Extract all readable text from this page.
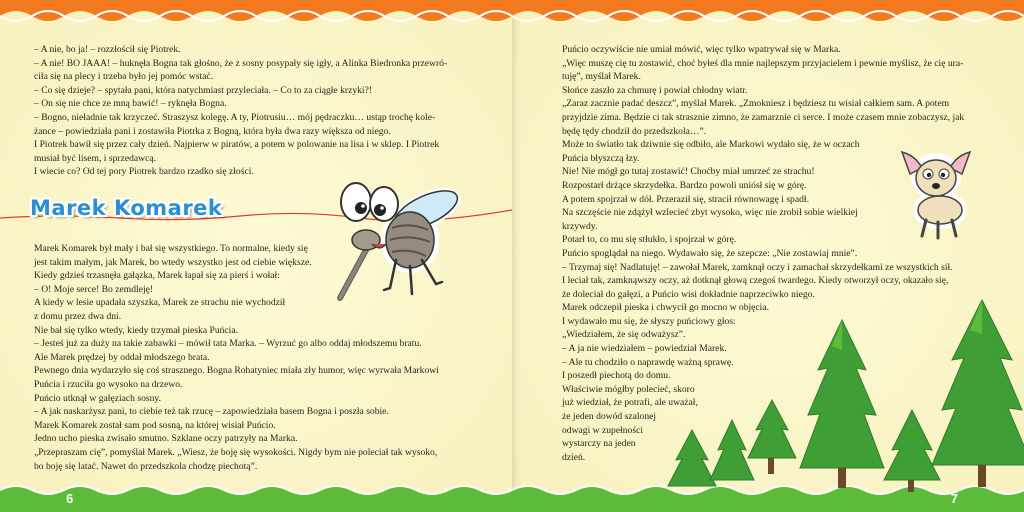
– A nie, bo ja! – rozzłościł się Piotrek.

– A nie! BO JAAA! – huknęła Bogna tak głośno, że z sosny posypały się igły, a Alinka Biedronka przewró-

ciła się na plecy i trzeba było jej pomóc wstać.

– Co się dzieje? – spytała pani, która natychmiast przyleciała. – Co to za ciągłe krzyki?!

– On się nie chce ze mną bawić! – ryknęła Bogna.

– Bogno, nieładnie tak krzyczeć. Straszysz kolegę. A ty, Piotrusiu… mój pędraczku… ustąp trochę kole-

żance – powiedziała pani i zostawiła Piotrka z Bogną, która była dwa razy większa od niego.

I Piotrek bawił się przez cały dzień. Najpierw w piratów, a potem w polowanie na lisa i w sklep. I Piotrek

musiał być lisem, i sprzedawcą.

I wiecie co? Od tej pory Piotrek bardzo rzadko się złości.

Marek Komarek

Marek Komarek był mały i bał się wszystkiego. To normalne, kiedy się

jest takim małym, jak Marek, bo wtedy wszystko jest od ciebie większe.

Kiedy gdzieś trzasnęła gałązka, Marek łapał się za pierś i wołał:

– O! Moje serce! Bo zemdleję!

A kiedy w lesie upadała szyszka, Marek ze strachu nie wychodził

z domu przez dwa dni.

Nie bał się tylko wtedy, kiedy trzymał pieska Puńcia.

– Jesteś już za duży na takie zabawki – mówił tata Marka. – Wyrzuć go albo oddaj młodszemu bratu.

Ale Marek prędzej by oddał młodszego brata.

Pewnego dnia wydarzyło się coś strasznego. Bogna Rohatyniec miała zły humor, więc wyrwała Markowi

Puńcia i rzuciła go wysoko na drzewo.

Puńcio utknął w gałęziach sosny.

– A jak naskarżysz pani, to ciebie też tak rzucę – zapowiedziała basem Bogna i poszła sobie.

Marek Komarek został sam pod sosną, na której wisiał Puńcio.

Jedno ucho pieska zwisało smutno. Szklane oczy patrzyły na Marka.

„Przepraszam cię”, pomyślał Marek. „Wiesz, że boję się wysokości. Nigdy bym nie poleciał tak wysoko,

bo boję się latać. Nawet do przedszkola chodzę piechotą”.

6

Puńcio oczywiście nie umiał mówić, więc tylko wpatrywał się w Marka.

„Więc muszę cię tu zostawić, choć byłeś dla mnie najlepszym przyjacielem i pewnie myślisz, że cię ura-

tuję”, myślał Marek.

Słońce zaszło za chmurę i powiał chłodny wiatr.

„Zaraz zacznie padać deszcz”, myślał Marek. „Zmokniesz i będziesz tu wisiał całkiem sam. A potem

przyjdzie zima. Będzie ci tak strasznie zimno, że zamarznie ci serce. I może czasem mnie zobaczysz, jak

będę tędy chodził do przedszkola…”.

Może to światło tak dziwnie się odbiło, ale Markowi wydało się, że w oczach

Puńcia błyszczą łzy.

Nie! Nie mógł go tutaj zostawić! Choćby miał umrzeć ze strachu!

Rozpostarł drżące skrzydełka. Bardzo powoli uniósł się w górę.

A potem spojrzał w dół. Przeraził się, stracił równowagę i spadł.

Na szczęście nie zdążył wzlecieć zbyt wysoko, więc nie zrobił sobie wielkiej

krzywdy.

Potarł to, co mu się stłukło, i spojrzał w górę.

Puńcio spoglądał na niego. Wydawało się, że szepcze: „Nie zostawiaj mnie”.

– Trzymaj się! Nadlatuję! – zawołał Marek, zamknął oczy i zamachał skrzydełkami ze wszystkich sił.

I leciał tak, zamknąwszy oczy, aż dotknął głową czegoś twardego. Kiedy otworzył oczy, okazało się,

że doleciał do gałęzi, a Puńcio wisi dokładnie naprzeciwko niego.

Marek odczepił pieska i chwycił go mocno w objęcia.

I wydawało mu się, że słyszy puńciowy głos:

„Wiedziałem, że się odważysz”.

– A ja nie wiedziałem – powiedział Marek.

– Ale tu chodziło o naprawdę ważną sprawę.

I poszedł piechotą do domu.

Właściwie mógłby polecieć, skoro

już wiedział, że potrafi, ale uważał,

że jeden dowód szalonej

odwagi w zupełności

wystarczy na jeden

dzień.

7
